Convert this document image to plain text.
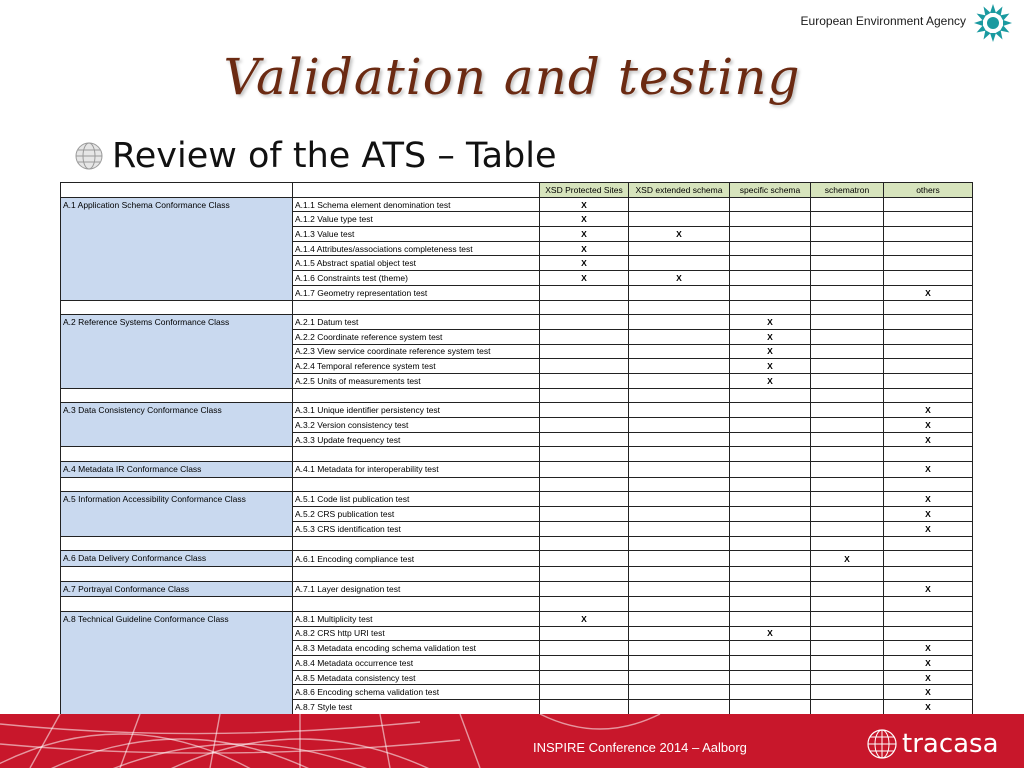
European Environment Agency
Validation and testing
Review of the ATS – Table
		XSD Protected Sites	XSD extended schema	specific schema	schematron	others
A.1 Application Schema Conformance Class	A.1.1 Schema element denomination test	X				
	A.1.2 Value type test	X				
	A.1.3 Value test	X	X			
	A.1.4 Attributes/associations completeness test	X				
	A.1.5 Abstract spatial object test	X				
	A.1.6 Constraints test (theme)	X	X			
	A.1.7 Geometry representation test					X

A.2 Reference Systems Conformance Class	A.2.1 Datum test			X		
	A.2.2 Coordinate reference system test			X		
	A.2.3 View service coordinate reference system test			X		
	A.2.4 Temporal reference system test			X		
	A.2.5 Units of measurements test			X		

A.3 Data Consistency Conformance Class	A.3.1 Unique identifier persistency test					X
	A.3.2 Version consistency test					X
	A.3.3 Update frequency test					X

A.4 Metadata IR Conformance Class	A.4.1 Metadata for interoperability test					X

A.5 Information Accessibility Conformance Class	A.5.1 Code list publication test					X
	A.5.2 CRS publication test					X
	A.5.3 CRS identification test					X

A.6 Data Delivery Conformance Class	A.6.1 Encoding compliance test				X	

A.7 Portrayal Conformance Class	A.7.1 Layer designation test					X

A.8 Technical Guideline Conformance Class	A.8.1 Multiplicity test	X				
	A.8.2 CRS http URI test			X		
	A.8.3 Metadata encoding schema validation test					X
	A.8.4 Metadata occurrence test					X
	A.8.5 Metadata consistency test					X
	A.8.6 Encoding schema validation test					X
	A.8.7 Style test					X
INSPIRE Conference 2014 – Aalborg	tracasa
